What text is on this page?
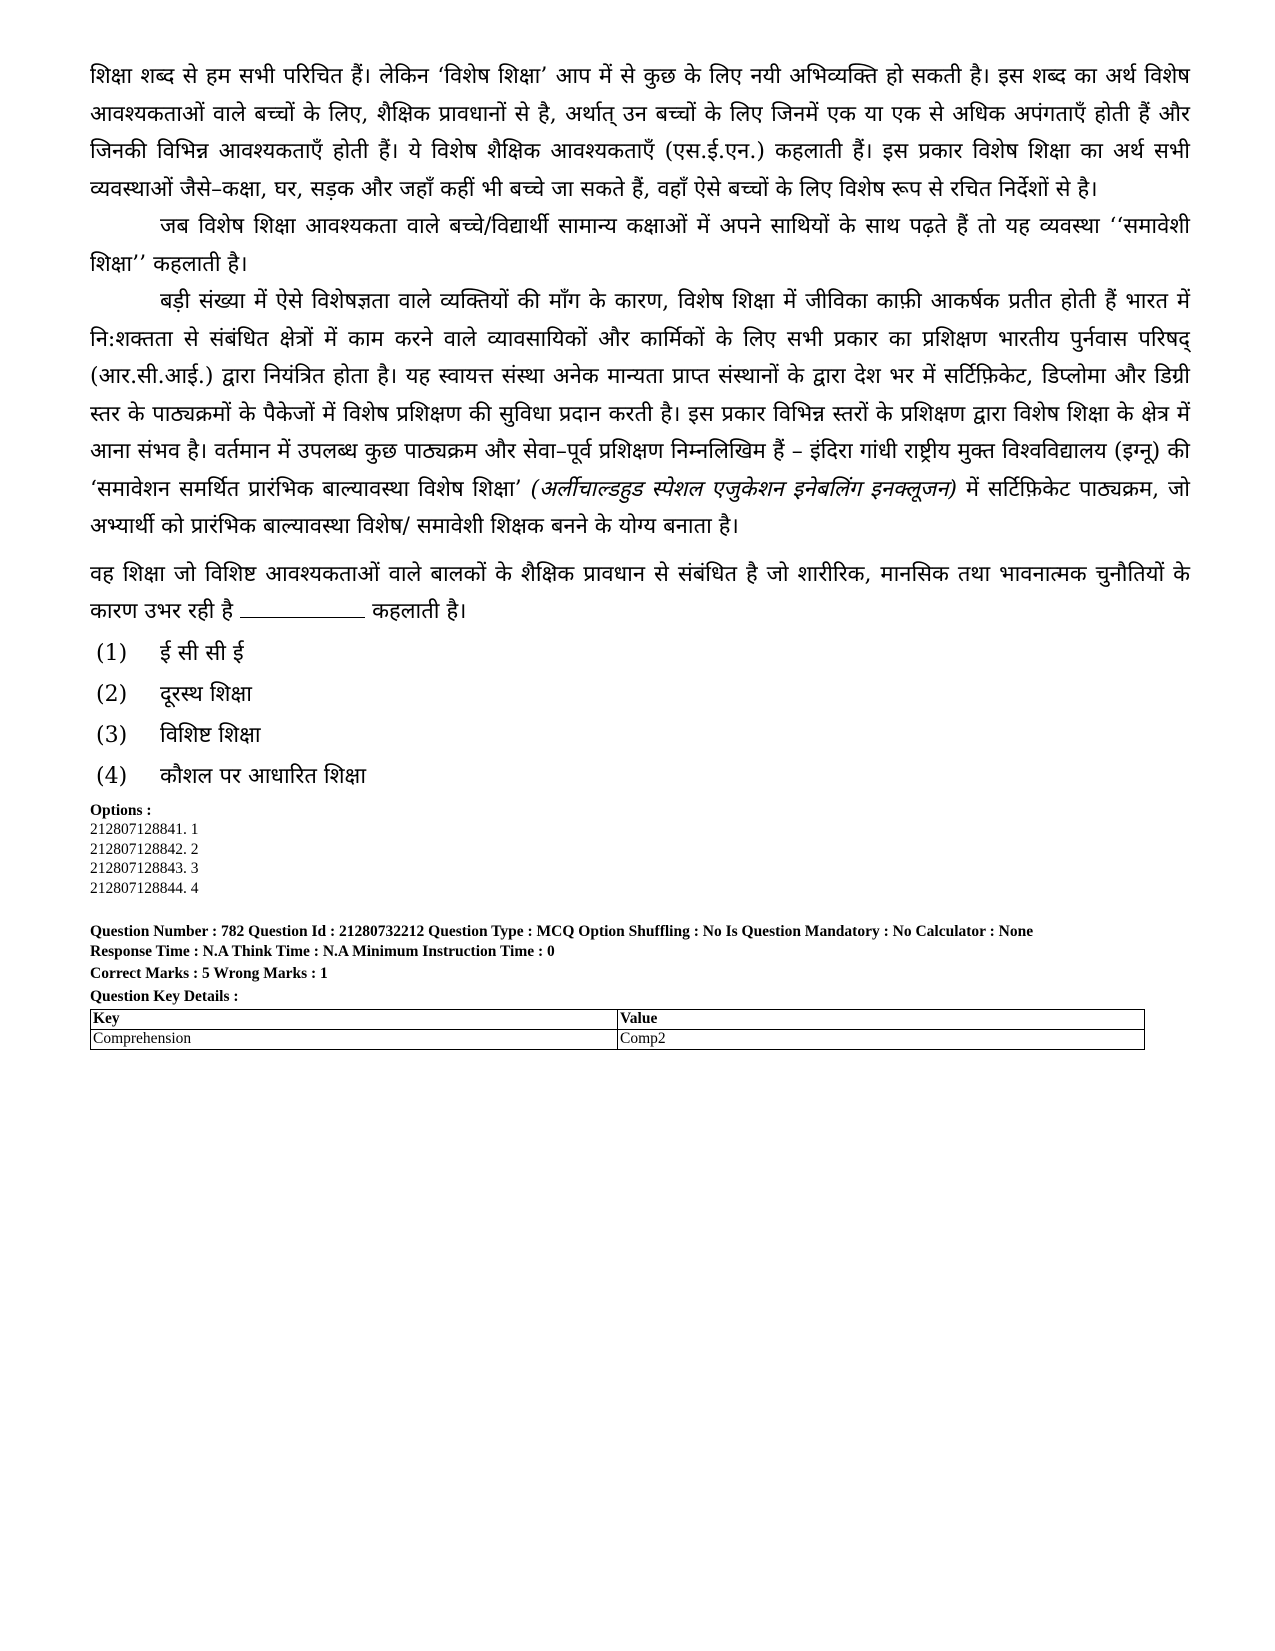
शिक्षा शब्द से हम सभी परिचित हैं। लेकिन ‘विशेष शिक्षा’ आप में से कुछ के लिए नयी अभिव्यक्ति हो सकती है। इस शब्द का अर्थ विशेष आवश्यकताओं वाले बच्चों के लिए, शैक्षिक प्रावधानों से है, अर्थात् उन बच्चों के लिए जिनमें एक या एक से अधिक अपंगताएँ होती हैं और जिनकी विभिन्न आवश्यकताएँ होती हैं। ये विशेष शैक्षिक आवश्यकताएँ (एस.ई.एन.) कहलाती हैं। इस प्रकार विशेष शिक्षा का अर्थ सभी व्यवस्थाओं जैसे–कक्षा, घर, सड़क और जहाँ कहीं भी बच्चे जा सकते हैं, वहाँ ऐसे बच्चों के लिए विशेष रूप से रचित निर्देशों से है।

जब विशेष शिक्षा आवश्यकता वाले बच्चे/विद्यार्थी सामान्य कक्षाओं में अपने साथियों के साथ पढ़ते हैं तो यह व्यवस्था ‘‘समावेशी शिक्षा’’ कहलाती है।

बड़ी संख्या में ऐसे विशेषज्ञता वाले व्यक्तियों की माँग के कारण, विशेष शिक्षा में जीविका काफ़ी आकर्षक प्रतीत होती हैं भारत में नि:शक्तता से संबंधित क्षेत्रों में काम करने वाले व्यावसायिकों और कार्मिकों के लिए सभी प्रकार का प्रशिक्षण भारतीय पुर्नवास परिषद् (आर.सी.आई.) द्वारा नियंत्रित होता है। यह स्वायत्त संस्था अनेक मान्यता प्राप्त संस्थानों के द्वारा देश भर में सर्टिफ़िकेट, डिप्लोमा और डिग्री स्तर के पाठ्यक्रमों के पैकेजों में विशेष प्रशिक्षण की सुविधा प्रदान करती है। इस प्रकार विभिन्न स्तरों के प्रशिक्षण द्वारा विशेष शिक्षा के क्षेत्र में आना संभव है। वर्तमान में उपलब्ध कुछ पाठ्यक्रम और सेवा–पूर्व प्रशिक्षण निम्नलिखिम हैं – इंदिरा गांधी राष्ट्रीय मुक्त विश्वविद्यालय (इग्नू) की ‘समावेशन समर्थित प्रारंभिक बाल्यावस्था विशेष शिक्षा’ (अर्लीचाल्डहुड स्पेशल एजुकेशन इनेबलिंग इनक्लूजन) में सर्टिफ़िकेट पाठ्यक्रम, जो अभ्यार्थी को प्रारंभिक बाल्यावस्था विशेष/ समावेशी शिक्षक बनने के योग्य बनाता है।

वह शिक्षा जो विशिष्ट आवश्यकताओं वाले बालकों के शैक्षिक प्रावधान से संबंधित है जो शारीरिक, मानसिक तथा भावनात्मक चुनौतियों के कारण उभर रही है	कहलाती है।

(1)	ई सी सी ई
(2)	दूरस्थ शिक्षा
(3)	विशिष्ट शिक्षा
(4)	कौशल पर आधारित शिक्षा
Options :
212807128841. 1
212807128842. 2
212807128843. 3
212807128844. 4
Question Number : 782 Question Id : 21280732212 Question Type : MCQ Option Shuffling : No Is Question Mandatory : No Calculator : None
Response Time : N.A Think Time : N.A Minimum Instruction Time : 0
Correct Marks : 5 Wrong Marks : 1
Question Key Details :
Key	Value
Comprehension	Comp2
